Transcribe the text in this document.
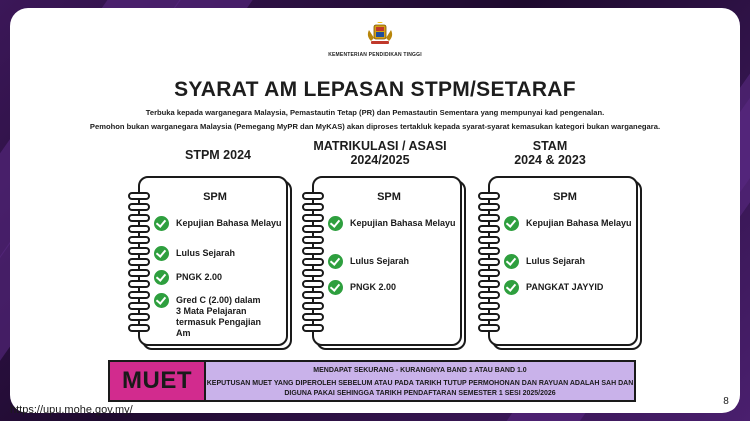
KEMENTERIAN PENDIDIKAN TINGGI
SYARAT AM LEPASAN STPM/SETARAF
Terbuka kepada warganegara Malaysia, Pemastautin Tetap (PR) dan Pemastautin Sementara yang mempunyai kad pengenalan.
Pemohon bukan warganegara Malaysia (Pemegang MyPR dan MyKAS) akan diproses tertakluk kepada syarat-syarat kemasukan kategori bukan warganegara.
STPM 2024
SPM
Kepujian Bahasa Melayu
Lulus Sejarah
PNGK 2.00
Gred C (2.00) dalam 3 Mata Pelajaran termasuk Pengajian Am
MATRIKULASI / ASASI
2024/2025
SPM
Kepujian Bahasa Melayu
Lulus Sejarah
PNGK 2.00
STAM
2024 & 2023
SPM
Kepujian Bahasa Melayu
Lulus Sejarah
PANGKAT JAYYID
MUET	MENDAPAT SEKURANG - KURANGNYA BAND 1 ATAU BAND 1.0
KEPUTUSAN MUET YANG DIPEROLEH SEBELUM ATAU PADA TARIKH TUTUP PERMOHONAN DAN RAYUAN ADALAH SAH DAN DIGUNA PAKAI SEHINGGA TARIKH PENDAFTARAN SEMESTER 1 SESI 2025/2026
https://upu.mohe.gov.my/
8
